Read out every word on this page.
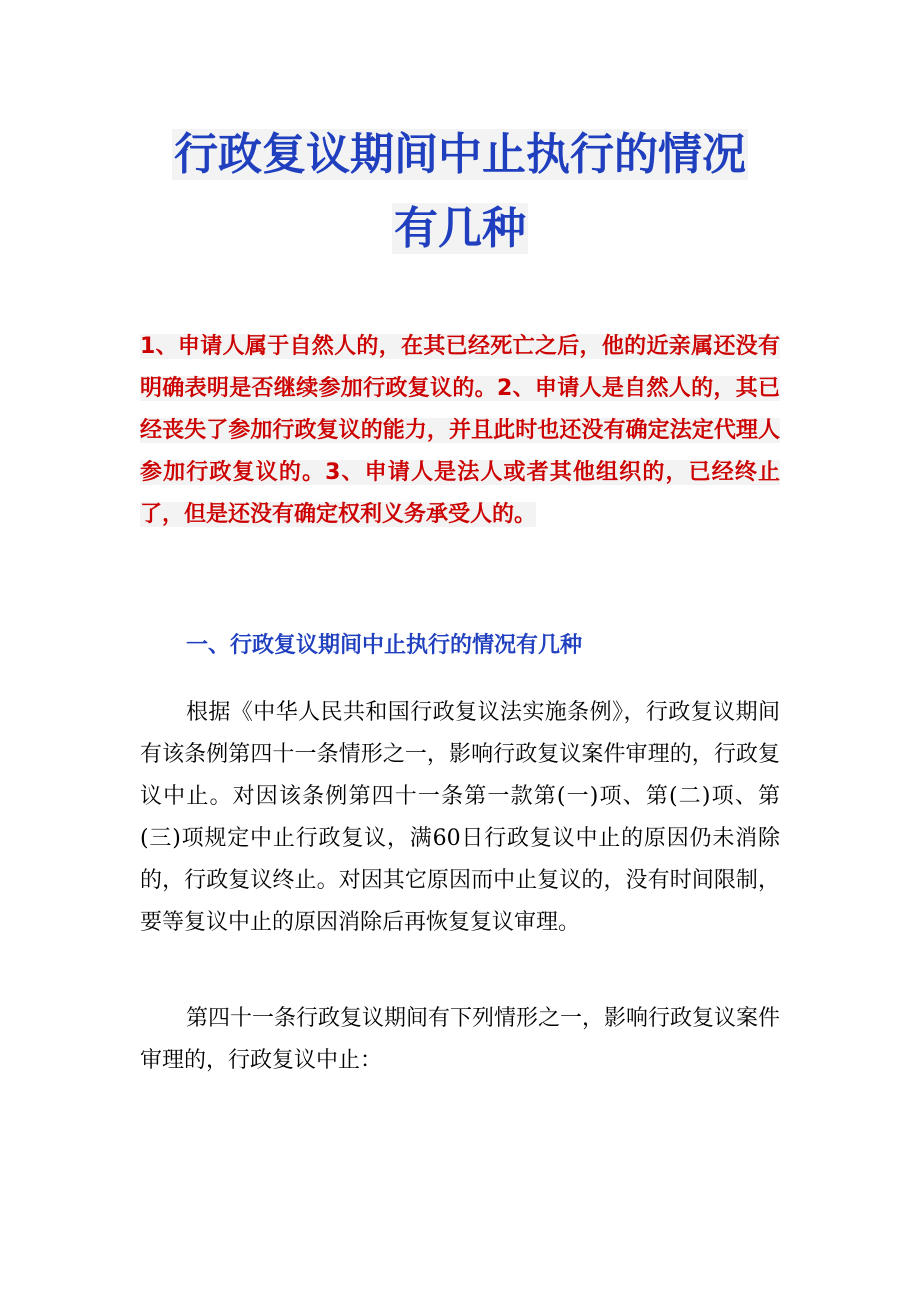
行政复议期间中止执行的情况
有几种

1、申请人属于自然人的，在其已经死亡之后，他的近亲属还没有明确表明是否继续参加行政复议的。2、申请人是自然人的，其已经丧失了参加行政复议的能力，并且此时也还没有确定法定代理人参加行政复议的。3、申请人是法人或者其他组织的，已经终止了，但是还没有确定权利义务承受人的。

一、行政复议期间中止执行的情况有几种

根据《中华人民共和国行政复议法实施条例》，行政复议期间有该条例第四十一条情形之一，影响行政复议案件审理的，行政复议中止。对因该条例第四十一条第一款第(一)项、第(二)项、第(三)项规定中止行政复议，满60日行政复议中止的原因仍未消除的，行政复议终止。对因其它原因而中止复议的，没有时间限制，要等复议中止的原因消除后再恢复复议审理。

第四十一条行政复议期间有下列情形之一，影响行政复议案件审理的，行政复议中止：
